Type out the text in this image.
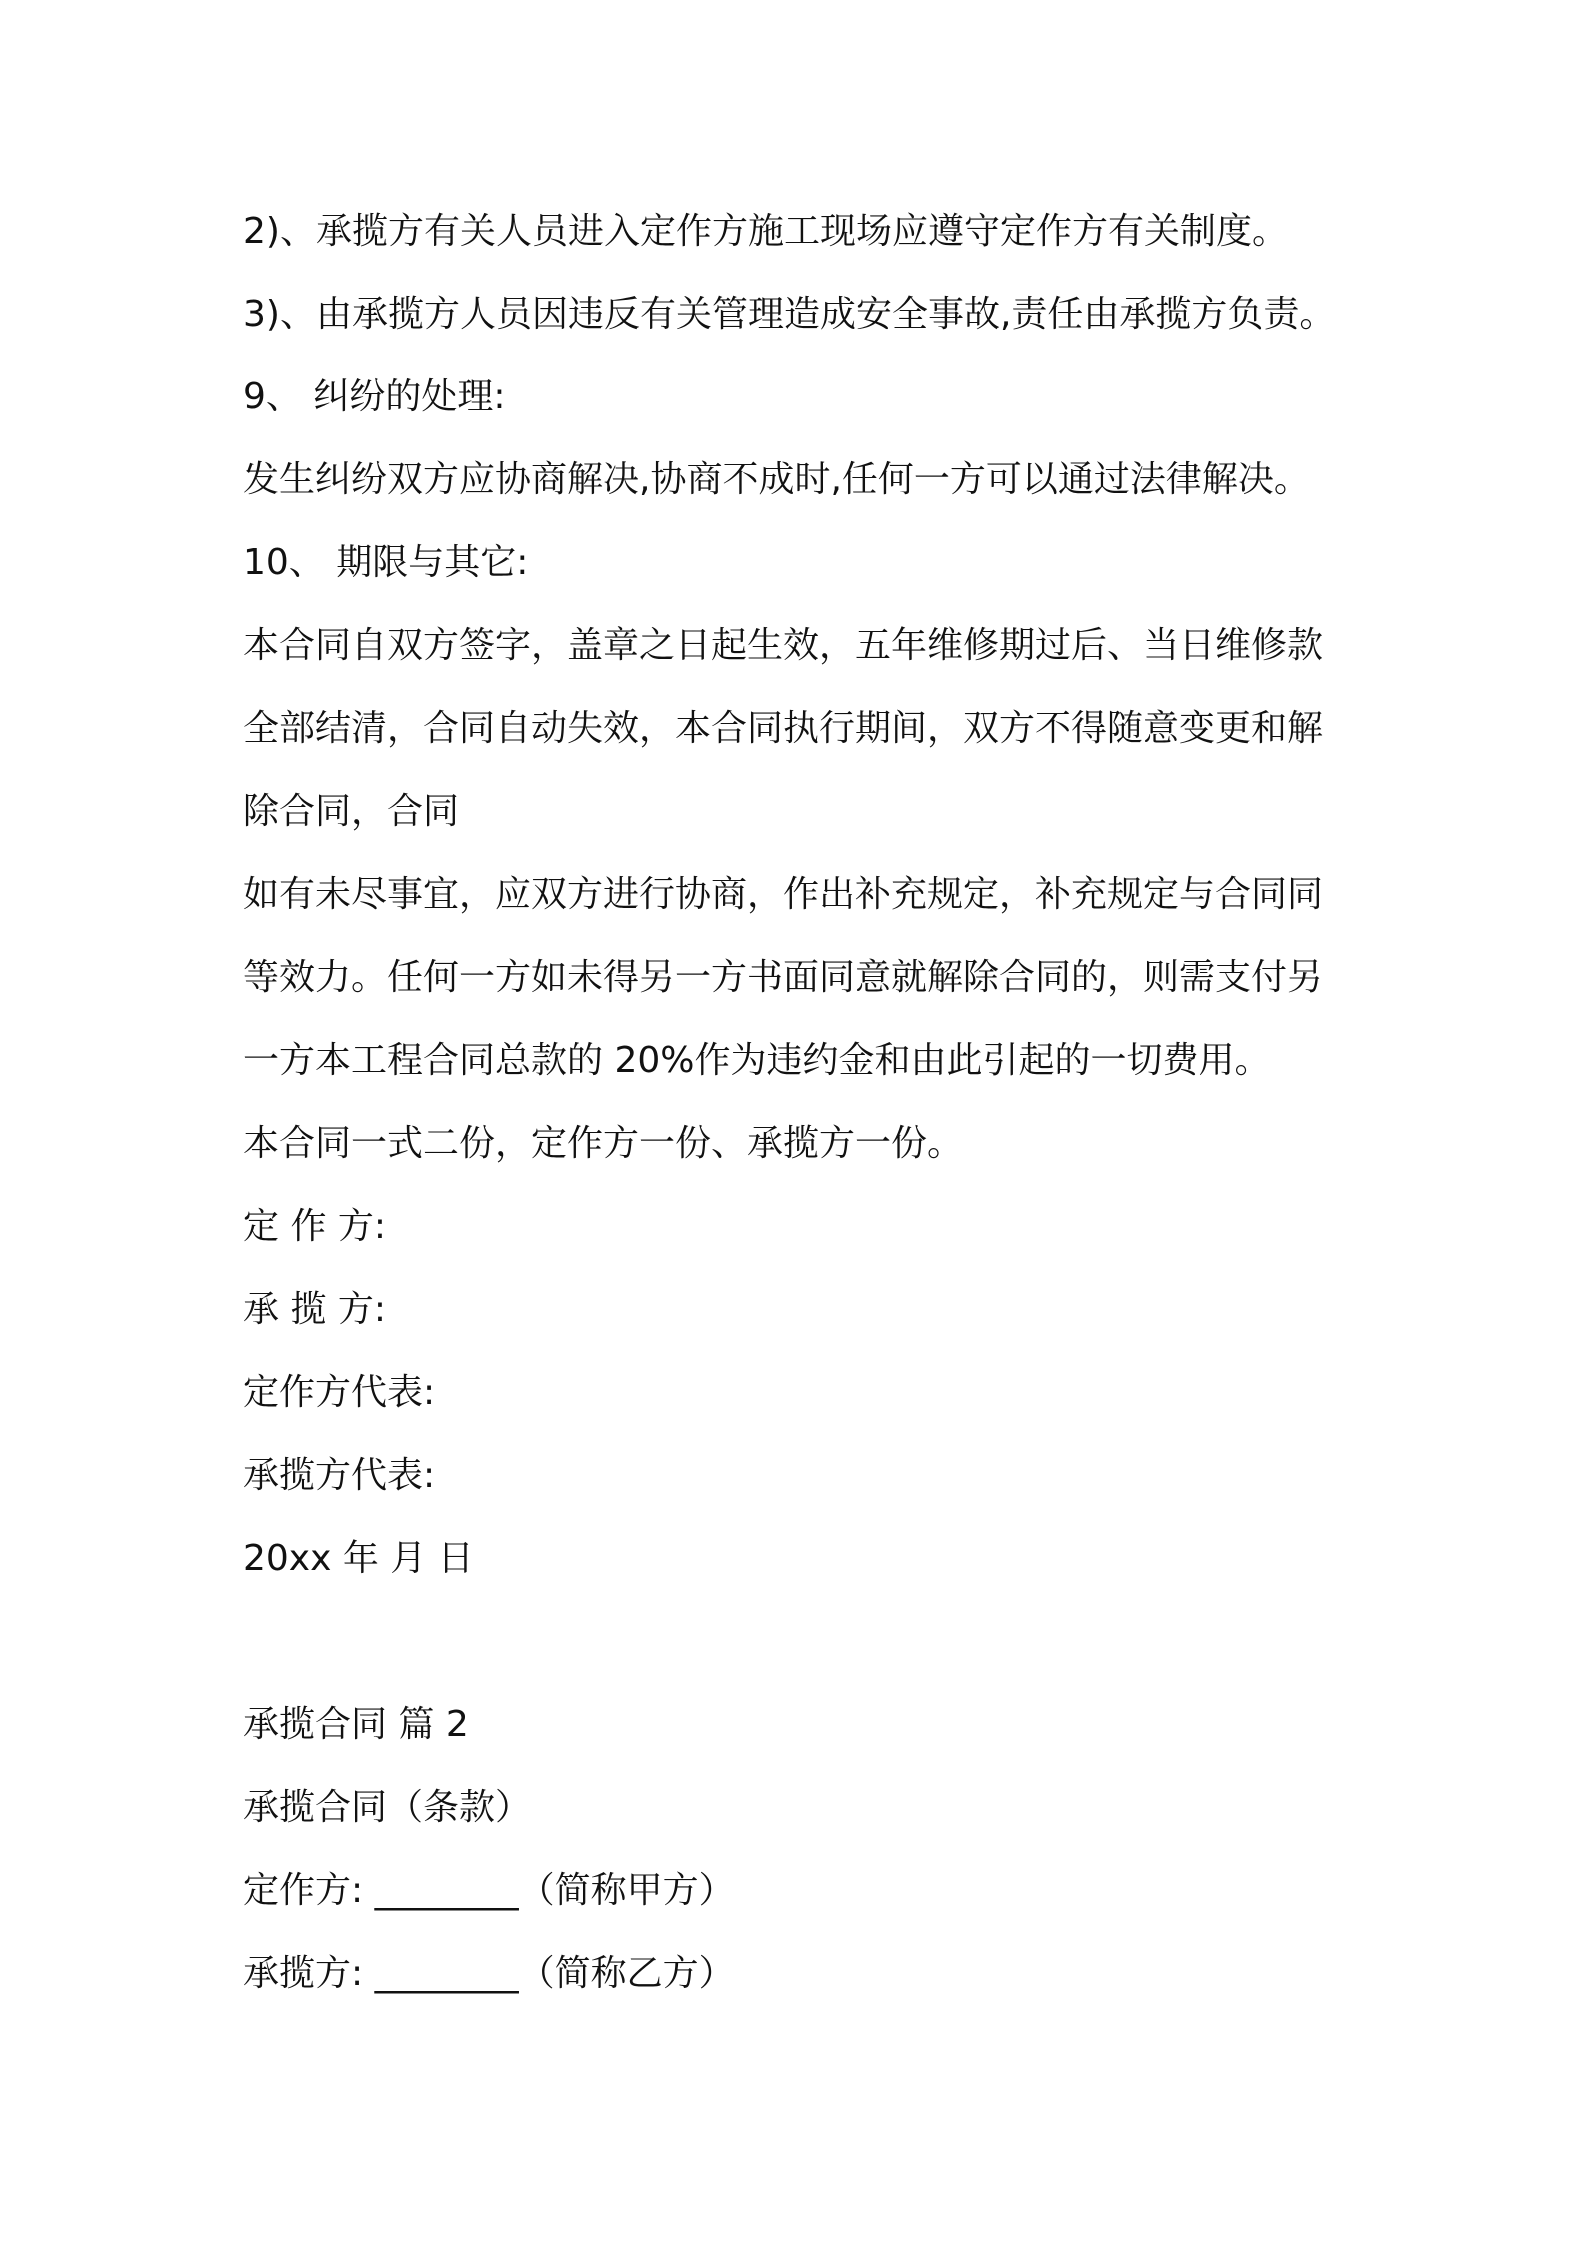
2)、承揽方有关人员进入定作方施工现场应遵守定作方有关制度。
3)、由承揽方人员因违反有关管理造成安全事故,责任由承揽方负责。
9、 纠纷的处理:
发生纠纷双方应协商解决,协商不成时,任何一方可以通过法律解决。
10、 期限与其它:
本合同自双方签字，盖章之日起生效，五年维修期过后、当日维修款
全部结清，合同自动失效，本合同执行期间，双方不得随意变更和解
除合同，合同
如有未尽事宜，应双方进行协商，作出补充规定，补充规定与合同同
等效力。任何一方如未得另一方书面同意就解除合同的，则需支付另
一方本工程合同总款的 20%作为违约金和由此引起的一切费用。
本合同一式二份，定作方一份、承揽方一份。
定 作 方:
承 揽 方:
定作方代表:
承揽方代表:
20xx 年 月 日
承揽合同 篇 2
承揽合同（条款）
定作方: ________（简称甲方）
承揽方: ________（简称乙方）
